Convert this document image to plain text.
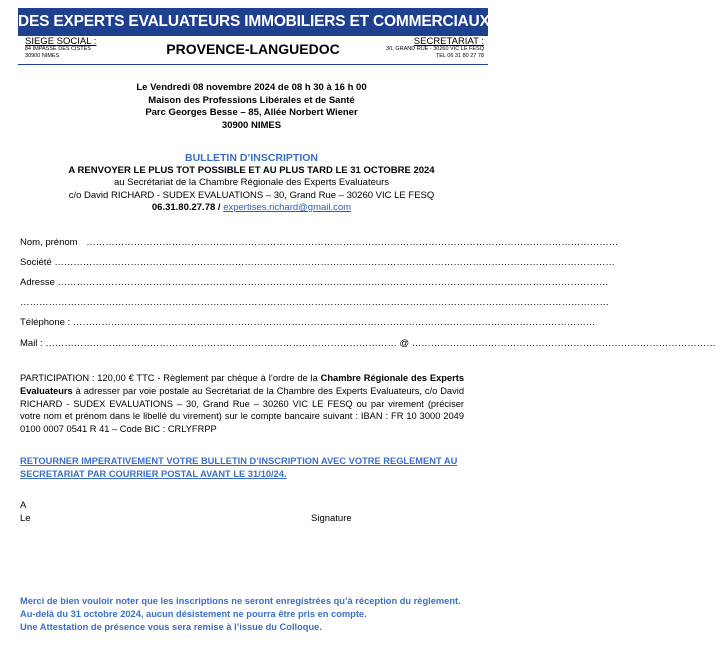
DES EXPERTS EVALUATEURS IMMOBILIERS ET COMMERCIAUX
SIEGE SOCIAL :
84 IMPASSE DES CISTES
30900 NIMES	PROVENCE-LANGUEDOC	SECRETARIAT :
30, GRAND RUE - 30260 VIC LE FESQ
TEL 06 31 80 27 78
Le Vendredi 08 novembre 2024 de 08 h 30 à 16 h 00
Maison des Professions Libérales et de Santé
Parc Georges Besse – 85, Allée Norbert Wiener
30900 NIMES
BULLETIN D’INSCRIPTION
A RENVOYER LE PLUS TOT POSSIBLE ET AU PLUS TARD LE 31 OCTOBRE 2024
au Secrétariat de la Chambre Régionale des Experts Evaluateurs
c/o David RICHARD - SUDEX EVALUATIONS – 30, Grand Rue – 30260 VIC LE FESQ
06.31.80.27.78 / expertises.richard@gmail.com
Nom, prénom ……………………………………………………………………………………………………………………………………………………
Société ……………………………………………………………………………………………………………………………………………………………
Adresse …………………………………………………………………………………………………………………………………………………………
……………………………………………………………………………………………………………………………………………………………………
Téléphone : …………………………………………………………………………………………………………………………………………………
Mail : ………………………………………………………………………………………………… @ ……………………………………………………………………………………
PARTICIPATION : 120,00 € TTC - Règlement par chèque à l’ordre de la Chambre Régionale des Experts Evaluateurs à adresser par voie postale au Secrétariat de la Chambre des Experts Evaluateurs, c/o David RICHARD - SUDEX EVALUATIONS – 30, Grand Rue – 30260 VIC LE FESQ ou par virement (préciser votre nom et prénom dans le libellé du virement) sur le compte bancaire suivant : IBAN : FR 10 3000 2049 0100 0007 0541 R 41 – Code BIC : CRLYFRPP
RETOURNER IMPERATIVEMENT VOTRE BULLETIN D’INSCRIPTION AVEC VOTRE REGLEMENT AU SECRETARIAT PAR COURRIER POSTAL AVANT LE 31/10/24.
A
Le	Signature
Merci de bien vouloir noter que les inscriptions ne seront enregistrées qu’à réception du règlement.
Au-delà du 31 octobre 2024, aucun désistement ne pourra être pris en compte.
Une Attestation de présence vous sera remise à l’issue du Colloque.
